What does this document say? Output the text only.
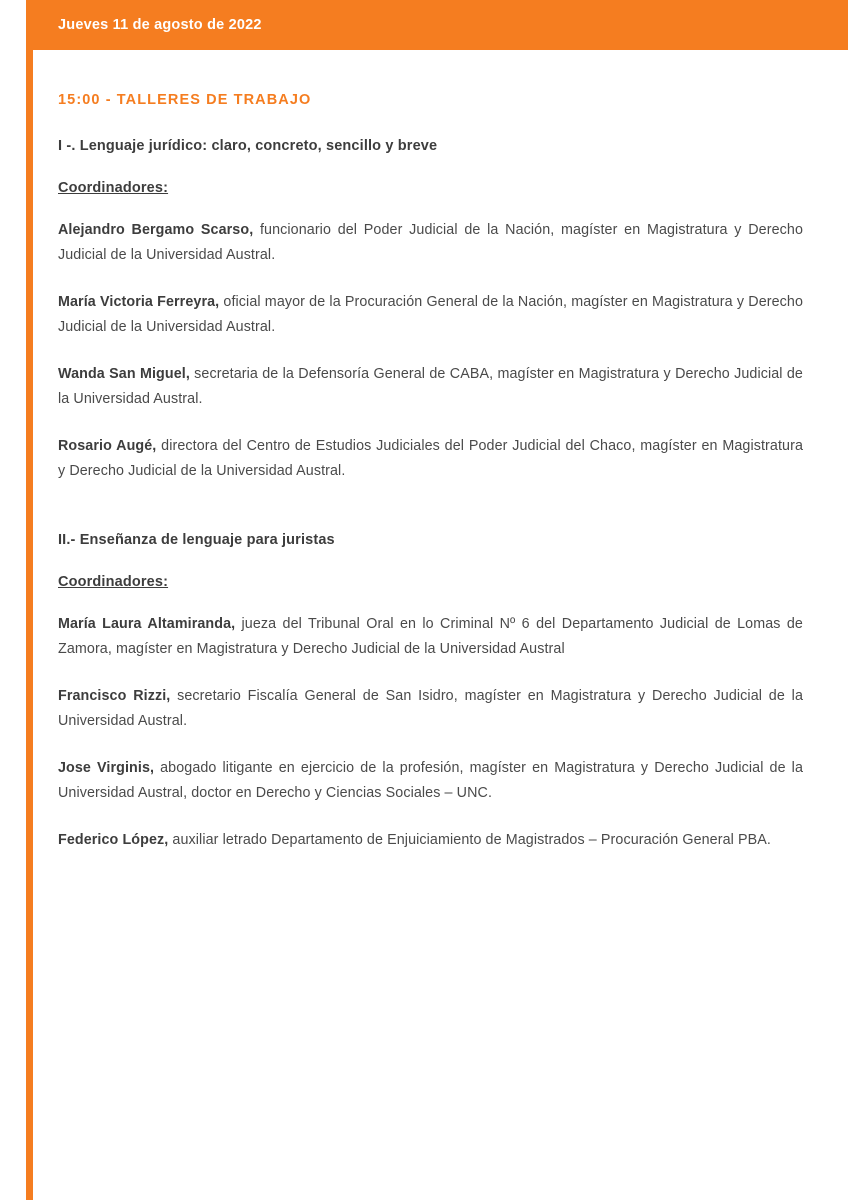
Jueves 11 de agosto de 2022
15:00 - TALLERES DE TRABAJO
I -. Lenguaje jurídico: claro, concreto, sencillo y breve
Coordinadores:

Alejandro Bergamo Scarso, funcionario del Poder Judicial de la Nación, magíster en Magistratura y Derecho Judicial de la Universidad Austral.

María Victoria Ferreyra, oficial mayor de la Procuración General de la Nación, magíster en Magistratura y Derecho Judicial de la Universidad Austral.

Wanda San Miguel, secretaria de la Defensoría General de CABA, magíster en Magistratura y Derecho Judicial de la Universidad Austral.

Rosario Augé, directora del Centro de Estudios Judiciales del Poder Judicial del Chaco, magíster en Magistratura y Derecho Judicial de la Universidad Austral.

II.- Enseñanza de lenguaje para juristas
Coordinadores:

María Laura Altamiranda, jueza del Tribunal Oral en lo Criminal Nº 6 del Departamento Judicial de Lomas de Zamora, magíster en Magistratura y Derecho Judicial de la Universidad Austral

Francisco Rizzi, secretario Fiscalía General de San Isidro, magíster en Magistratura y Derecho Judicial de la Universidad Austral.

Jose Virginis, abogado litigante en ejercicio de la profesión, magíster en Magistratura y Derecho Judicial de la Universidad Austral, doctor en Derecho y Ciencias Sociales – UNC.

Federico López, auxiliar letrado Departamento de Enjuiciamiento de Magistrados – Procuración General PBA.
